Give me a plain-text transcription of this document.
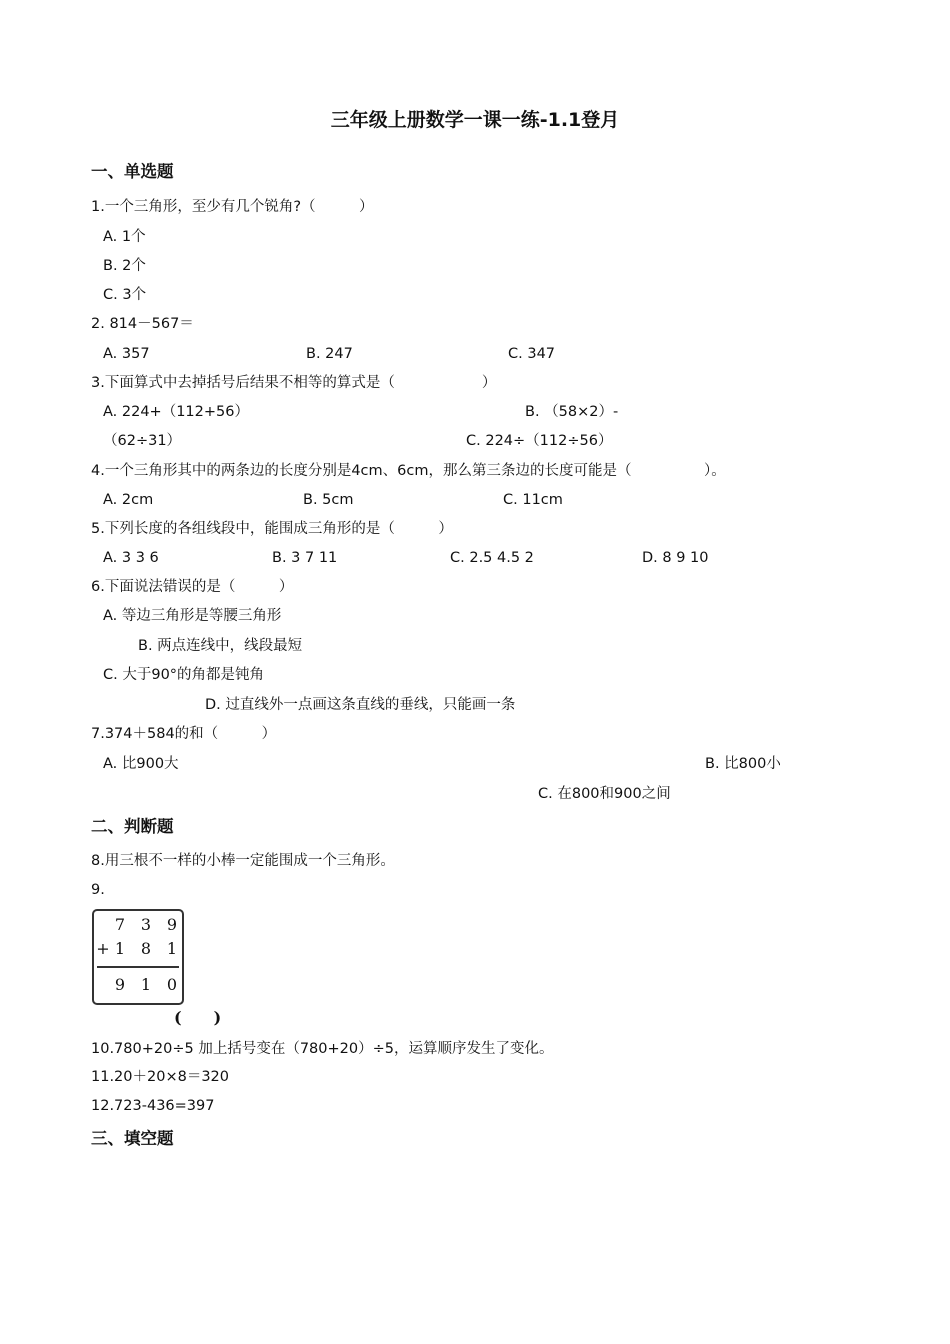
三年级上册数学一课一练-1.1登月
一、单选题
1.一个三角形，至少有几个锐角?（　　　）
A. 1个
B. 2个
C. 3个
2. 814－567＝
A. 357	B. 247	C. 347
3.下面算式中去掉括号后结果不相等的算式是（　　　　　　）
A. 224+（112+56）	B. （58×2）-
（62÷31）	C. 224÷（112÷56）
4.一个三角形其中的两条边的长度分别是4cm、6cm，那么第三条边的长度可能是（　　　　　）。
A. 2cm	B. 5cm	C. 11cm
5.下列长度的各组线段中，能围成三角形的是（　　　）
A. 3 3 6	B. 3 7 11	C. 2.5 4.5 2	D. 8 9 10
6.下面说法错误的是（　　　）
A. 等边三角形是等腰三角形
B. 两点连线中，线段最短
C. 大于90°的角都是钝角
D. 过直线外一点画这条直线的垂线，只能画一条
7.374＋584的和（　　　）
A. 比900大	B. 比800小
C. 在800和900之间
二、判断题
8.用三根不一样的小棒一定能围成一个三角形。
9.
7 3 9
+ 1 8 1
9 1 0
(　　)
10.780+20÷5 加上括号变在（780+20）÷5，运算顺序发生了变化。
11.20＋20×8＝320
12.723-436=397
三、填空题
